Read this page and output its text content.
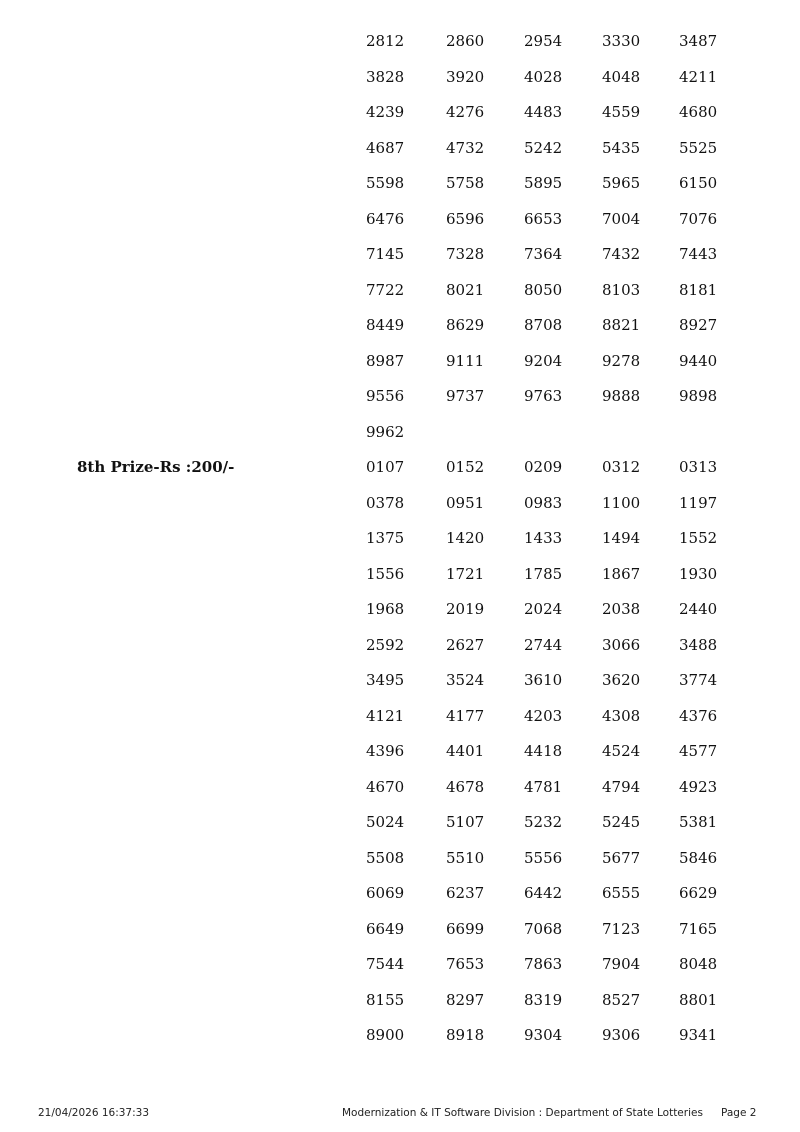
2812	2860	2954	3330	3487
3828	3920	4028	4048	4211
4239	4276	4483	4559	4680
4687	4732	5242	5435	5525
5598	5758	5895	5965	6150
6476	6596	6653	7004	7076
7145	7328	7364	7432	7443
7722	8021	8050	8103	8181
8449	8629	8708	8821	8927
8987	9111	9204	9278	9440
9556	9737	9763	9888	9898
9962
0107	0152	0209	0312	0313
0378	0951	0983	1100	1197
1375	1420	1433	1494	1552
1556	1721	1785	1867	1930
1968	2019	2024	2038	2440
2592	2627	2744	3066	3488
3495	3524	3610	3620	3774
4121	4177	4203	4308	4376
4396	4401	4418	4524	4577
4670	4678	4781	4794	4923
5024	5107	5232	5245	5381
5508	5510	5556	5677	5846
6069	6237	6442	6555	6629
6649	6699	7068	7123	7165
7544	7653	7863	7904	8048
8155	8297	8319	8527	8801
8900	8918	9304	9306	9341
8th Prize-Rs :200/-
21/04/2026 16:37:33	Modernization & IT Software Division : Department of State Lotteries Page 2
